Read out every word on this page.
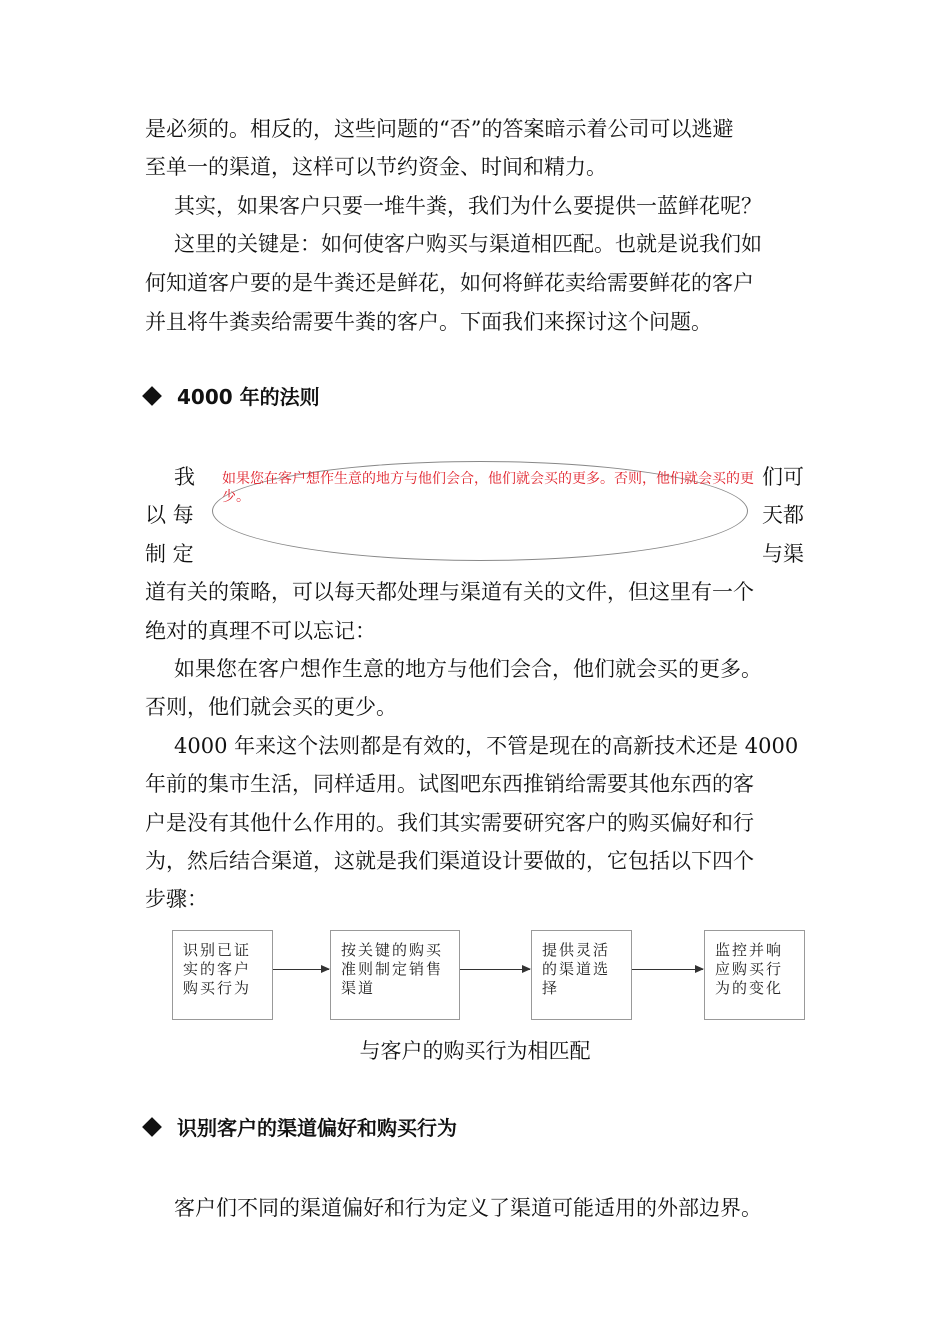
是必须的。相反的，这些问题的“否”的答案暗示着公司可以逃避
至单一的渠道，这样可以节约资金、时间和精力。
其实，如果客户只要一堆牛粪，我们为什么要提供一蓝鲜花呢？
这里的关键是：如何使客户购买与渠道相匹配。也就是说我们如
何知道客户要的是牛粪还是鲜花，如何将鲜花卖给需要鲜花的客户
并且将牛粪卖给需要牛粪的客户。下面我们来探讨这个问题。
4000 年的法则
我	们可
以 每	天都
制 定	与渠
如果您在客户想作生意的地方与他们会合，他们就会买的更多。否则，他们就会买的更少。
道有关的策略，可以每天都处理与渠道有关的文件，但这里有一个
绝对的真理不可以忘记：
如果您在客户想作生意的地方与他们会合，他们就会买的更多。
否则，他们就会买的更少。
4000 年来这个法则都是有效的，不管是现在的高新技术还是 4000
年前的集市生活，同样适用。试图吧东西推销给需要其他东西的客
户是没有其他什么作用的。我们其实需要研究客户的购买偏好和行
为，然后结合渠道，这就是我们渠道设计要做的，它包括以下四个
步骤：
识别已证实的客户购买行为
按关键的购买准则制定销售渠道
提供灵活的渠道选择
监控并响应购买行为的变化
与客户的购买行为相匹配
识别客户的渠道偏好和购买行为
客户们不同的渠道偏好和行为定义了渠道可能适用的外部边界。
